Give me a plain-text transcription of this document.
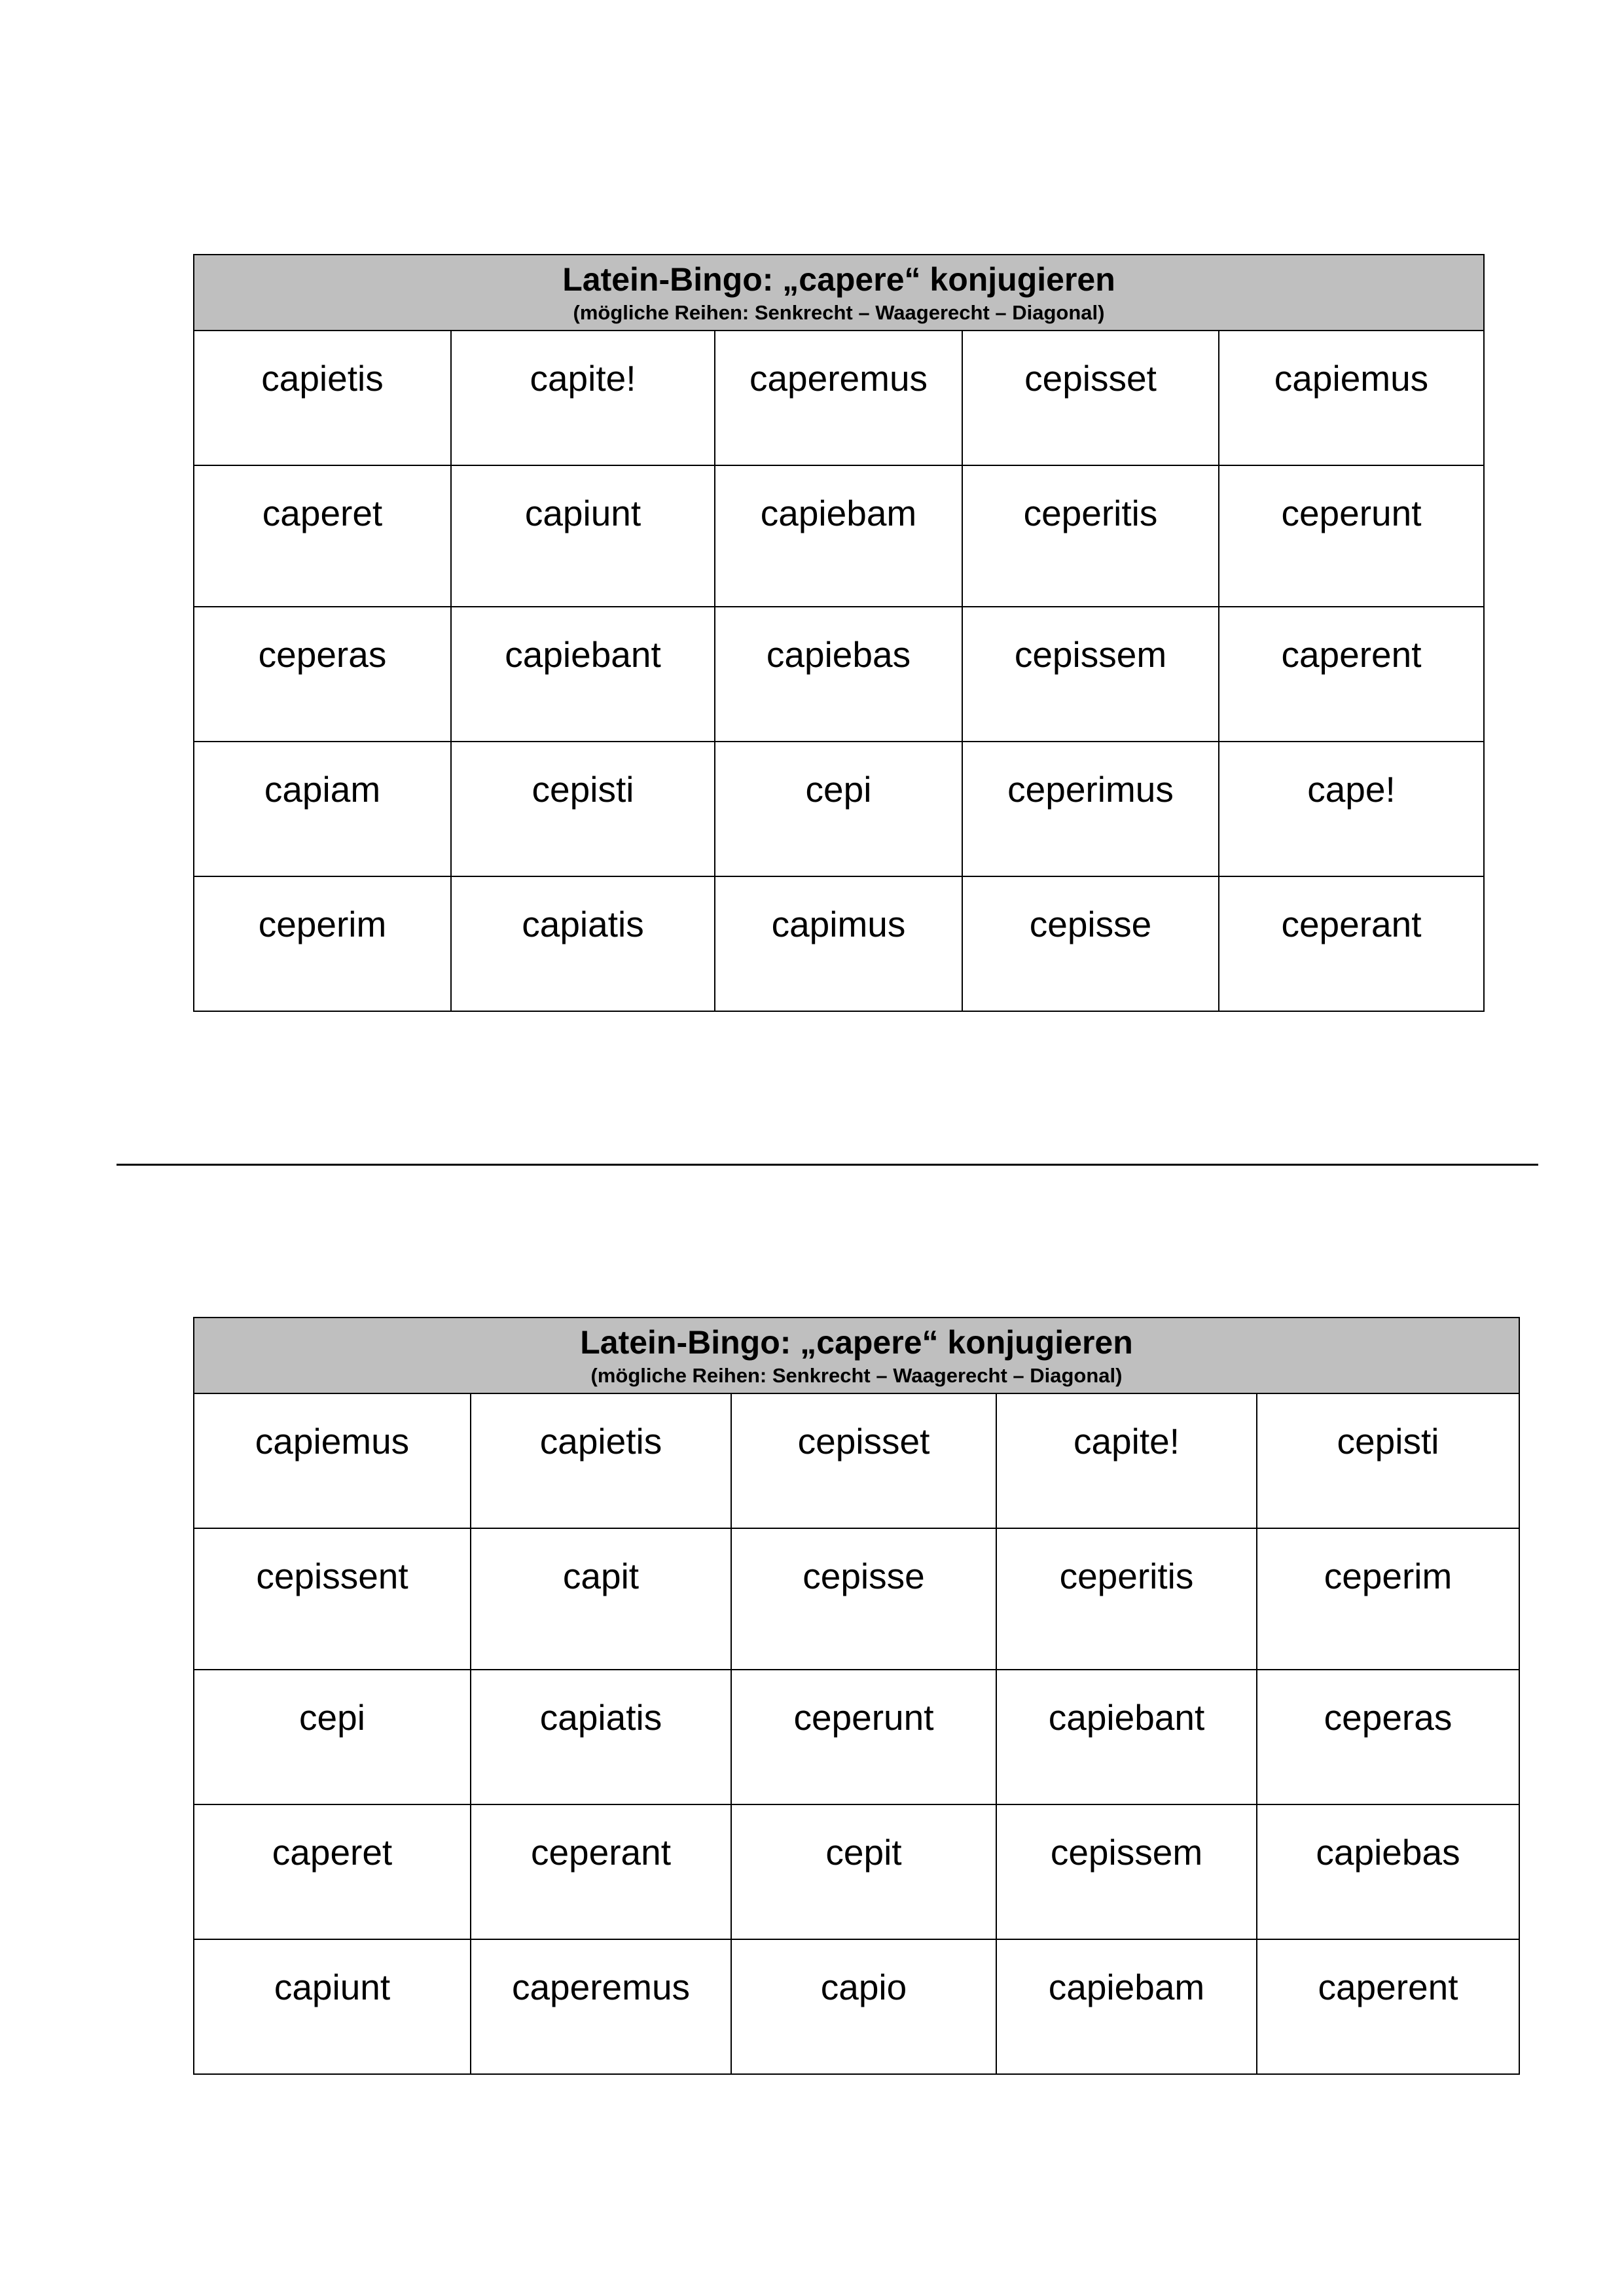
Latein-Bingo: „capere“ konjugieren
(mögliche Reihen: Senkrecht – Waagerecht – Diagonal)				

capietis	capite!	caperemus	cepisset	capiemus
caperet	capiunt	capiebam	ceperitis	ceperunt
ceperas	capiebant	capiebas	cepissem	caperent
capiam	cepisti	cepi	ceperimus	cape!
ceperim	capiatis	capimus	cepisse	ceperant
Latein-Bingo: „capere“ konjugieren
(mögliche Reihen: Senkrecht – Waagerecht – Diagonal)				

capiemus	capietis	cepisset	capite!	cepisti
cepissent	capit	cepisse	ceperitis	ceperim
cepi	capiatis	ceperunt	capiebant	ceperas
caperet	ceperant	cepit	cepissem	capiebas
capiunt	caperemus	capio	capiebam	caperent
